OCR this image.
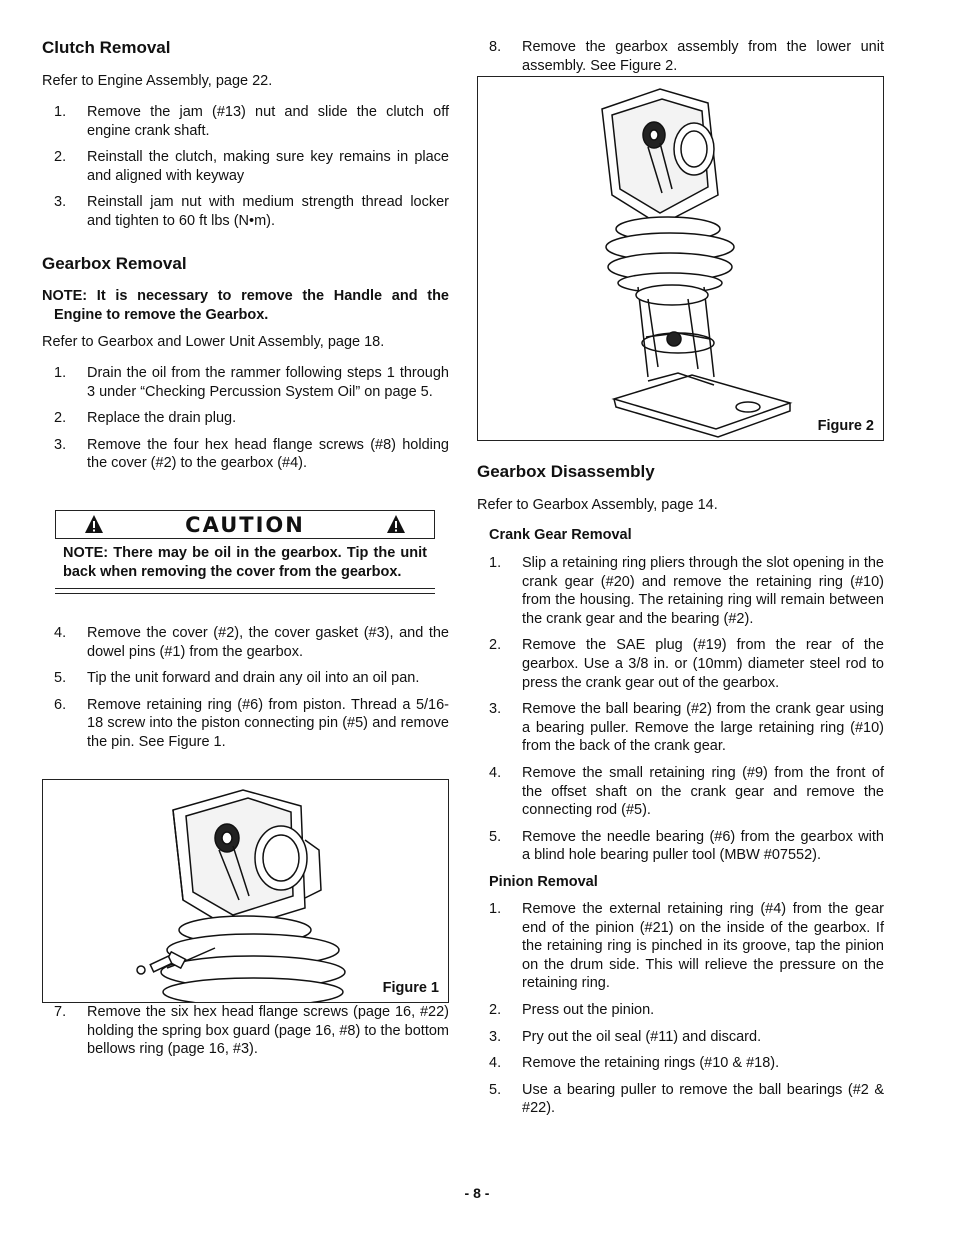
Clutch Removal

Refer to Engine Assembly, page 22.

1. Remove the jam (#13) nut and slide the clutch off engine crank shaft.
2. Reinstall the clutch, making sure key remains in place and aligned with keyway
3. Reinstall jam nut with medium strength thread locker and tighten to 60 ft lbs (N•m).
Gearbox Removal
NOTE: It is necessary to remove the Handle and the
Engine to remove the Gearbox.

Refer to Gearbox and Lower Unit Assembly, page 18.

1. Drain the oil from the rammer following steps 1 through 3 under “Checking Percussion System Oil” on page 5.
2. Replace the drain plug.
3. Remove the four hex head flange screws (#8) holding the cover (#2) to the gearbox (#4).
CAUTION
NOTE: There may be oil in the gearbox. Tip the unit back when removing the cover from the gearbox.
4. Remove the cover (#2), the cover gasket (#3), and the dowel pins (#1) from the gearbox.
5. Tip the unit forward and drain any oil into an oil pan.
6. Remove retaining ring (#6) from piston. Thread a 5/16-18 screw into the piston connecting pin (#5) and remove the pin. See Figure 1.
Figure 1
7. Remove the six hex head flange screws (page 16, #22) holding the spring box guard (page 16, #8) to the bottom bellows ring (page 16, #3).
8. Remove the gearbox assembly from the lower unit assembly. See Figure 2.
Figure 2
Gearbox Disassembly

Refer to Gearbox Assembly, page 14.

Crank Gear Removal
1. Slip a retaining ring pliers through the slot opening in the crank gear (#20) and remove the retaining ring (#10) from the housing. The retaining ring will remain between the crank gear and the bearing (#2).
2. Remove the SAE plug (#19) from the rear of the gearbox. Use a 3/8 in. or (10mm) diameter steel rod to press the crank gear out of the gearbox.
3. Remove the ball bearing (#2) from the crank gear using a bearing puller. Remove the large retaining ring (#10) from the back of the crank gear.
4. Remove the small retaining ring (#9) from the front of the offset shaft on the crank gear and remove the connecting rod (#5).
5. Remove the needle bearing (#6) from the gearbox with a blind hole bearing puller tool (MBW #07552).
Pinion Removal
1. Remove the external retaining ring (#4) from the gear end of the pinion (#21) on the inside of the gearbox. If the retaining ring is pinched in its groove, tap the pinion on the drum side. This will relieve the pressure on the retaining ring.
2. Press out the pinion.
3. Pry out the oil seal (#11) and discard.
4. Remove the retaining rings (#10 & #18).
5. Use a bearing puller to remove the ball bearings (#2 & #22).
- 8 -
